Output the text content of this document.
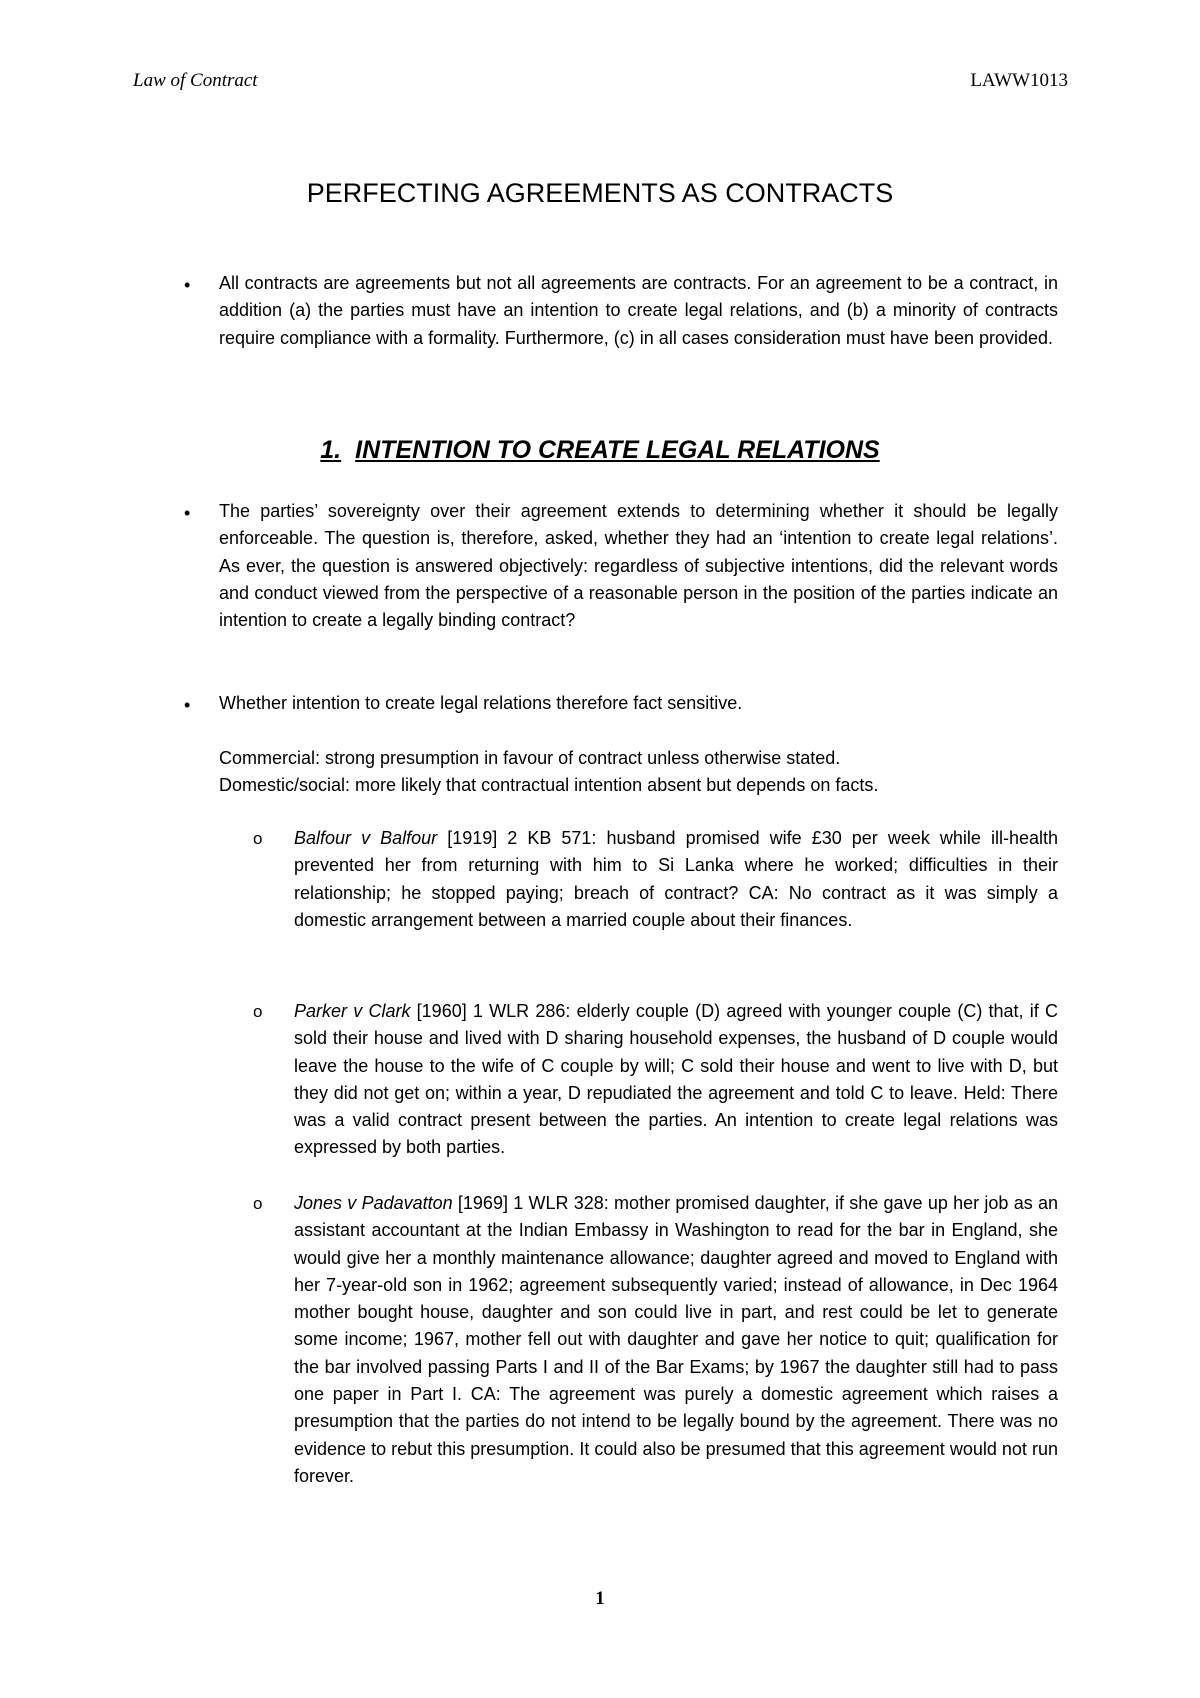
Law of Contract	LAWW1013
PERFECTING AGREEMENTS AS CONTRACTS
• All contracts are agreements but not all agreements are contracts. For an agreement to be a contract, in addition (a) the parties must have an intention to create legal relations, and (b) a minority of contracts require compliance with a formality. Furthermore, (c) in all cases consideration must have been provided.
1. INTENTION TO CREATE LEGAL RELATIONS
• The parties’ sovereignty over their agreement extends to determining whether it should be legally enforceable. The question is, therefore, asked, whether they had an ‘intention to create legal relations’. As ever, the question is answered objectively: regardless of subjective intentions, did the relevant words and conduct viewed from the perspective of a reasonable person in the position of the parties indicate an intention to create a legally binding contract?
• Whether intention to create legal relations therefore fact sensitive.
Commercial: strong presumption in favour of contract unless otherwise stated.
Domestic/social: more likely that contractual intention absent but depends on facts.
o Balfour v Balfour [1919] 2 KB 571: husband promised wife £30 per week while ill-health prevented her from returning with him to Si Lanka where he worked; difficulties in their relationship; he stopped paying; breach of contract? CA: No contract as it was simply a domestic arrangement between a married couple about their finances.
o Parker v Clark [1960] 1 WLR 286: elderly couple (D) agreed with younger couple (C) that, if C sold their house and lived with D sharing household expenses, the husband of D couple would leave the house to the wife of C couple by will; C sold their house and went to live with D, but they did not get on; within a year, D repudiated the agreement and told C to leave. Held: There was a valid contract present between the parties. An intention to create legal relations was expressed by both parties.
o Jones v Padavatton [1969] 1 WLR 328: mother promised daughter, if she gave up her job as an assistant accountant at the Indian Embassy in Washington to read for the bar in England, she would give her a monthly maintenance allowance; daughter agreed and moved to England with her 7-year-old son in 1962; agreement subsequently varied; instead of allowance, in Dec 1964 mother bought house, daughter and son could live in part, and rest could be let to generate some income; 1967, mother fell out with daughter and gave her notice to quit; qualification for the bar involved passing Parts I and II of the Bar Exams; by 1967 the daughter still had to pass one paper in Part I. CA: The agreement was purely a domestic agreement which raises a presumption that the parties do not intend to be legally bound by the agreement. There was no evidence to rebut this presumption. It could also be presumed that this agreement would not run forever.
1
